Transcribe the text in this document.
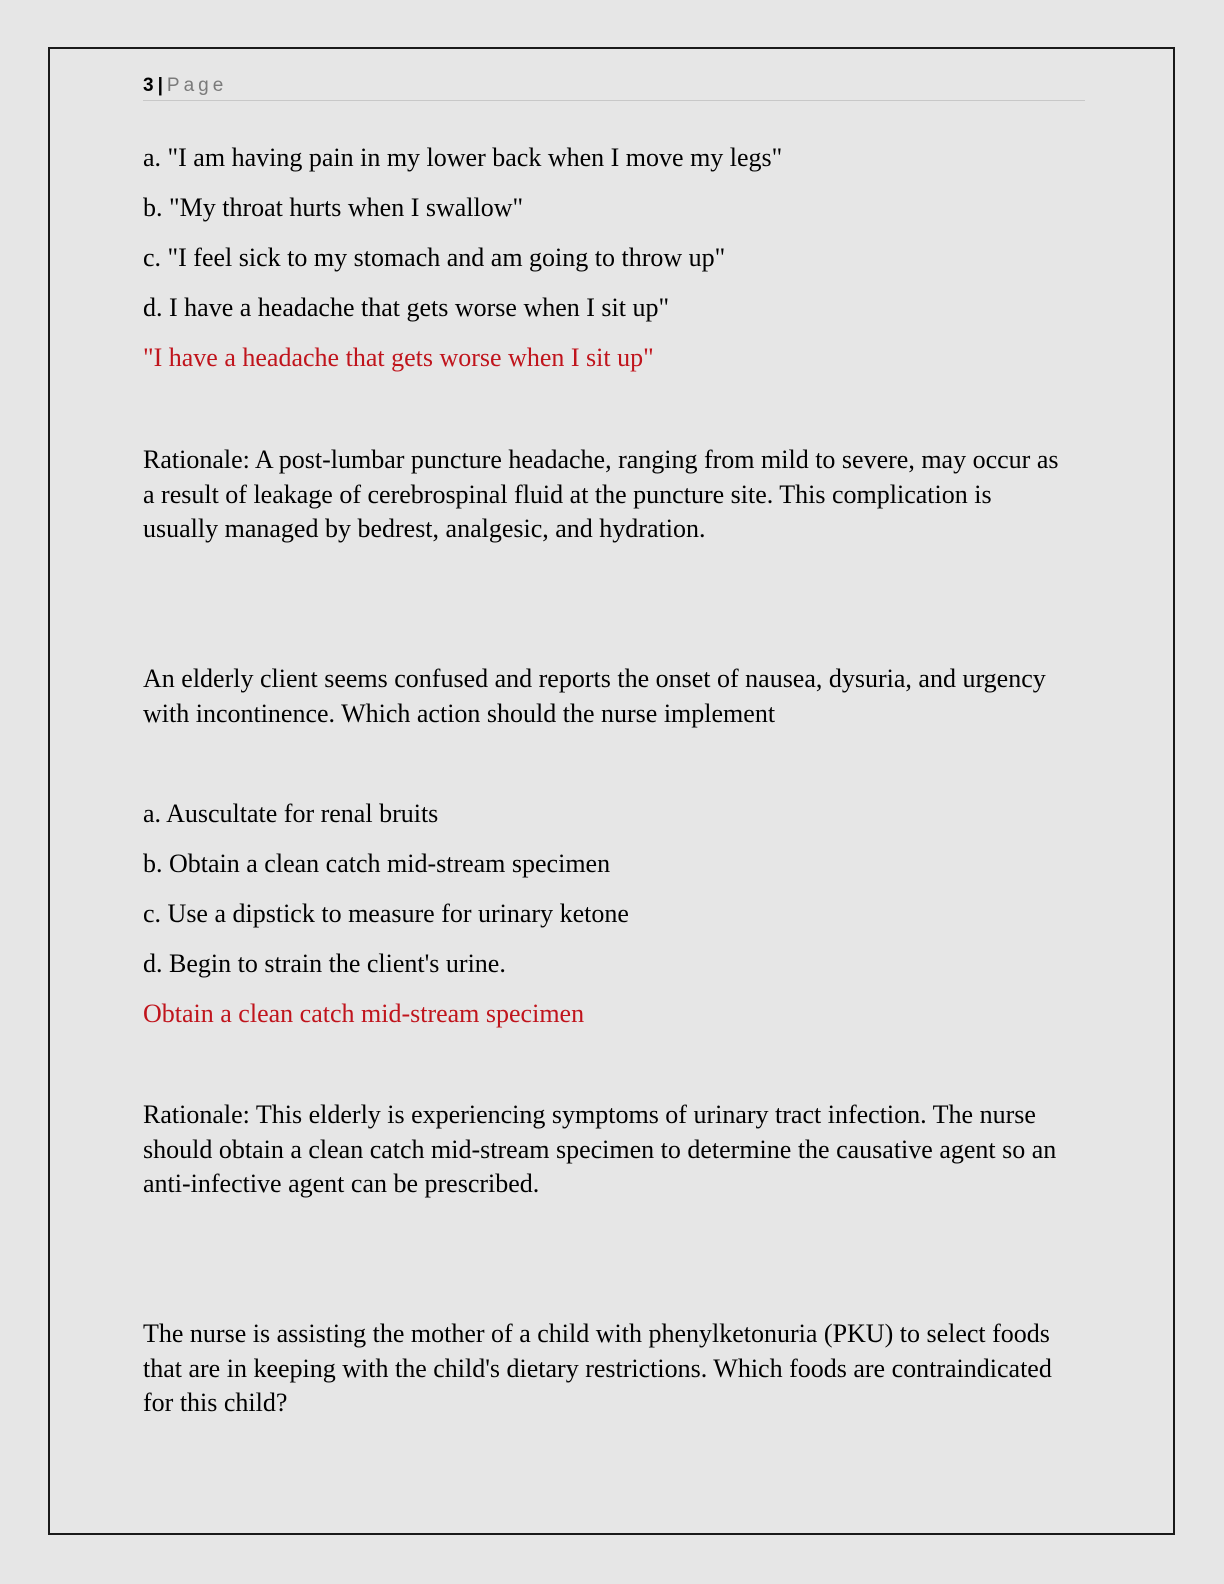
3 | Page
a. "I am having pain in my lower back when I move my legs"
b. "My throat hurts when I swallow"
c. "I feel sick to my stomach and am going to throw up"
d. I have a headache that gets worse when I sit up"
"I have a headache that gets worse when I sit up"
Rationale: A post-lumbar puncture headache, ranging from mild to severe, may occur as a result of leakage of cerebrospinal fluid at the puncture site. This complication is usually managed by bedrest, analgesic, and hydration.
An elderly client seems confused and reports the onset of nausea, dysuria, and urgency with incontinence. Which action should the nurse implement
a. Auscultate for renal bruits
b. Obtain a clean catch mid-stream specimen
c. Use a dipstick to measure for urinary ketone
d. Begin to strain the client's urine.
Obtain a clean catch mid-stream specimen
Rationale: This elderly is experiencing symptoms of urinary tract infection. The nurse should obtain a clean catch mid-stream specimen to determine the causative agent so an anti-infective agent can be prescribed.
The nurse is assisting the mother of a child with phenylketonuria (PKU) to select foods that are in keeping with the child's dietary restrictions. Which foods are contraindicated for this child?
